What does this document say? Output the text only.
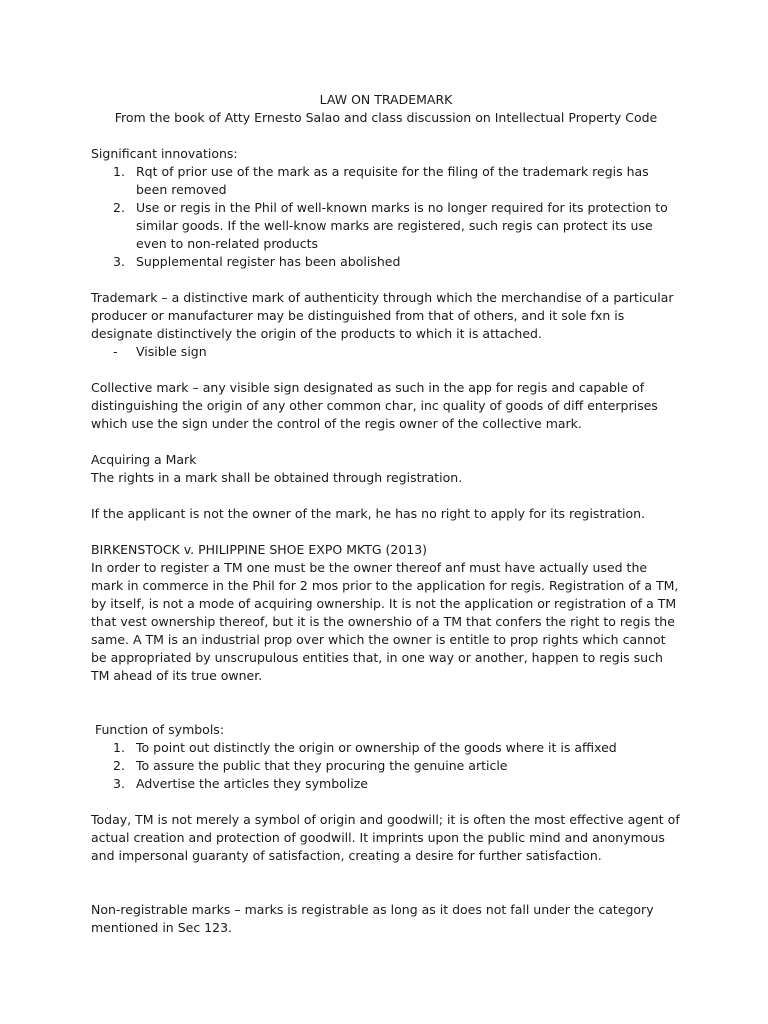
LAW ON TRADEMARK

From the book of Atty Ernesto Salao and class discussion on Intellectual Property Code

Significant innovations:

1. Rqt of prior use of the mark as a requisite for the filing of the trademark regis has been removed
2. Use or regis in the Phil of well-known marks is no longer required for its protection to similar goods. If the well-know marks are registered, such regis can protect its use even to non-related products
3. Supplemental register has been abolished

Trademark – a distinctive mark of authenticity through which the merchandise of a particular producer or manufacturer may be distinguished from that of others, and it sole fxn is designate distinctively the origin of the products to which it is attached.

- Visible sign

Collective mark – any visible sign designated as such in the app for regis and capable of distinguishing the origin of any other common char, inc quality of goods of diff enterprises which use the sign under the control of the regis owner of the collective mark.

Acquiring a Mark

The rights in a mark shall be obtained through registration.

If the applicant is not the owner of the mark, he has no right to apply for its registration.

BIRKENSTOCK v. PHILIPPINE SHOE EXPO MKTG (2013)

In order to register a TM one must be the owner thereof anf must have actually used the mark in commerce in the Phil for 2 mos prior to the application for regis. Registration of a TM, by itself, is not a mode of acquiring ownership. It is not the application or registration of a TM that vest ownership thereof, but it is the ownershio of a TM that confers the right to regis the same. A TM is an industrial prop over which the owner is entitle to prop rights which cannot be appropriated by unscrupulous entities that, in one way or another, happen to regis such TM ahead of its true owner.

Function of symbols:

1. To point out distinctly the origin or ownership of the goods where it is affixed
2. To assure the public that they procuring the genuine article
3. Advertise the articles they symbolize

Today, TM is not merely a symbol of origin and goodwill; it is often the most effective agent of actual creation and protection of goodwill. It imprints upon the public mind and anonymous and impersonal guaranty of satisfaction, creating a desire for further satisfaction.

Non-registrable marks – marks is registrable as long as it does not fall under the category mentioned in Sec 123.
